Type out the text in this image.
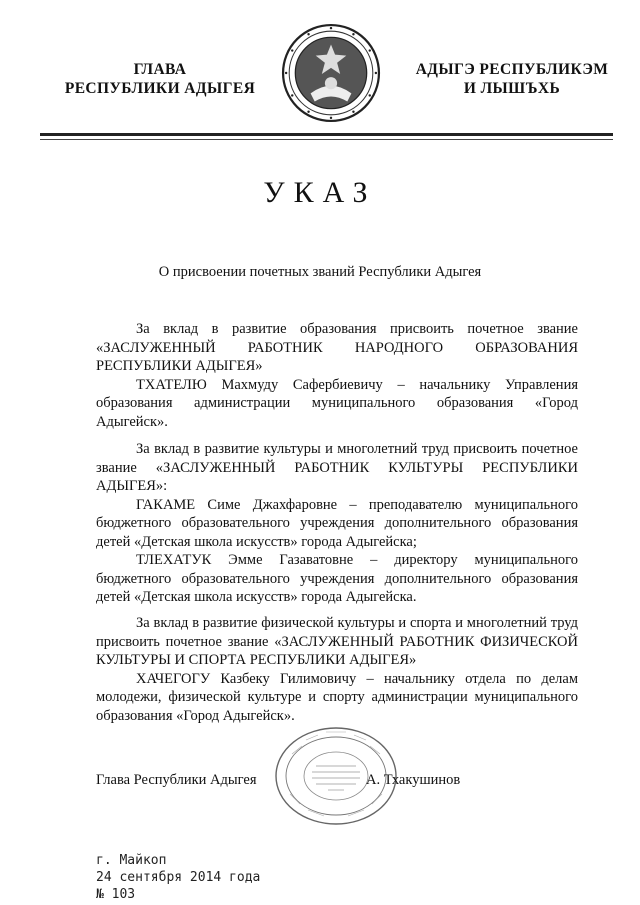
ГЛАВА
РЕСПУБЛИКИ АДЫГЕЯ
АДЫГЭ РЕСПУБЛИКЭМ
И ЛЫШЪХЬ
УКАЗ
О присвоении почетных званий Республики Адыгея

За вклад в развитие образования присвоить почетное звание «ЗАСЛУЖЕННЫЙ РАБОТНИК НАРОДНОГО ОБРАЗОВАНИЯ РЕСПУБЛИКИ АДЫГЕЯ»

ТХАТЕЛЮ Махмуду Сафербиевичу – начальнику Управления образования администрации муниципального образования «Город Адыгейск».

За вклад в развитие культуры и многолетний труд присвоить почетное звание «ЗАСЛУЖЕННЫЙ РАБОТНИК КУЛЬТУРЫ РЕСПУБЛИКИ АДЫГЕЯ»:

ГАКАМЕ Симе Джахфаровне – преподавателю муниципального бюджетного образовательного учреждения дополнительного образования детей «Детская школа искусств» города Адыгейска;

ТЛЕХАТУК Эмме Газаватовне – директору муниципального бюджетного образовательного учреждения дополнительного образования детей «Детская школа искусств» города Адыгейска.

За вклад в развитие физической культуры и спорта и многолетний труд присвоить почетное звание «ЗАСЛУЖЕННЫЙ РАБОТНИК ФИЗИЧЕСКОЙ КУЛЬТУРЫ И СПОРТА РЕСПУБЛИКИ АДЫГЕЯ»

ХАЧЕГОГУ Казбеку Гилимовичу – начальнику отдела по делам молодежи, физической культуре и спорту администрации муниципального образования «Город Адыгейск».

Глава Республики Адыгея	А. Тхакушинов
г. Майкоп
24 сентября 2014 года
№ 103
